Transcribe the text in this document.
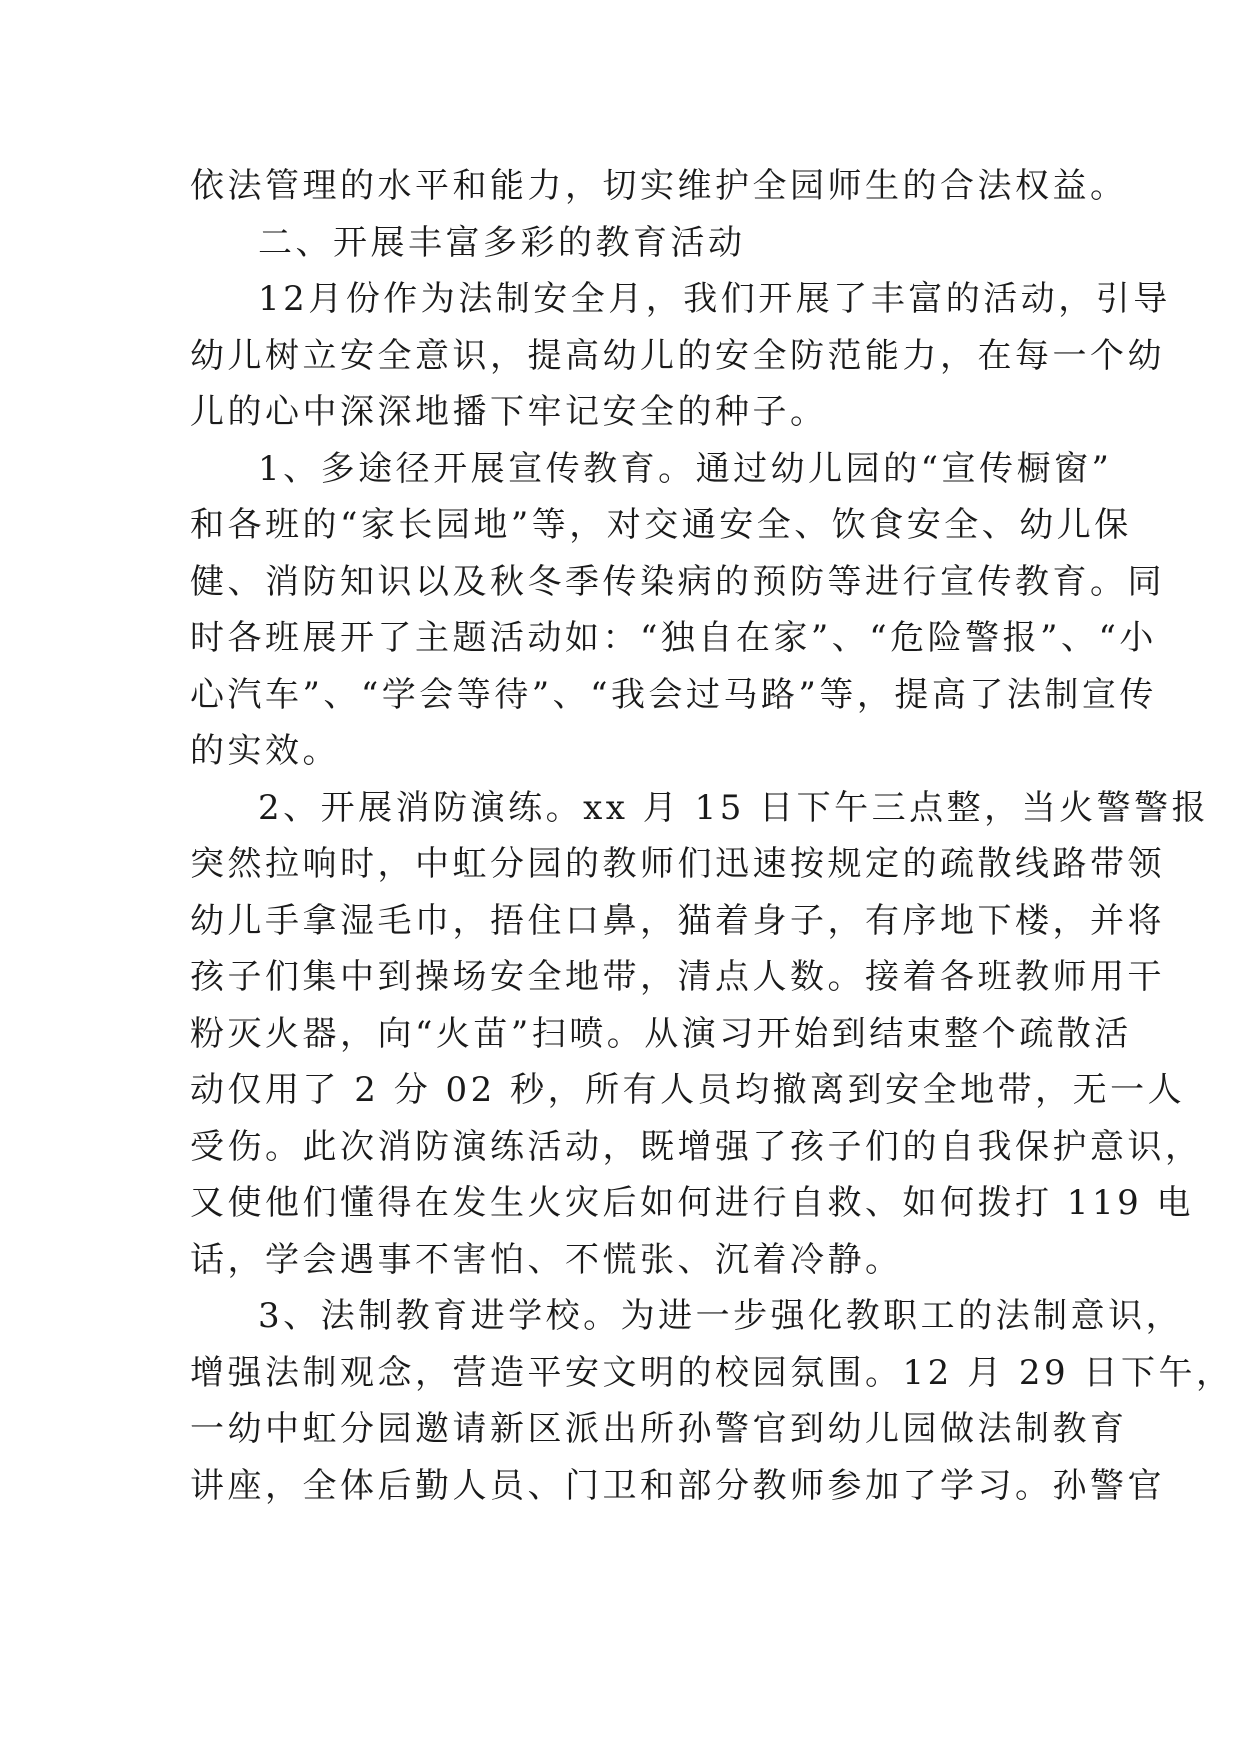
依法管理的水平和能力，切实维护全园师生的合法权益。
二、开展丰富多彩的教育活动
12月份作为法制安全月，我们开展了丰富的活动，引导
幼儿树立安全意识，提高幼儿的安全防范能力，在每一个幼
儿的心中深深地播下牢记安全的种子。
1、多途径开展宣传教育。通过幼儿园的“宣传橱窗”
和各班的“家长园地”等，对交通安全、饮食安全、幼儿保
健、消防知识以及秋冬季传染病的预防等进行宣传教育。同
时各班展开了主题活动如：“独自在家”、“危险警报”、“小
心汽车”、“学会等待”、“我会过马路”等，提高了法制宣传
的实效。
2、开展消防演练。xx 月 15 日下午三点整，当火警警报
突然拉响时，中虹分园的教师们迅速按规定的疏散线路带领
幼儿手拿湿毛巾，捂住口鼻，猫着身子，有序地下楼，并将
孩子们集中到操场安全地带，清点人数。接着各班教师用干
粉灭火器，向“火苗”扫喷。从演习开始到结束整个疏散活
动仅用了 2 分 02 秒，所有人员均撤离到安全地带，无一人
受伤。此次消防演练活动，既增强了孩子们的自我保护意识，
又使他们懂得在发生火灾后如何进行自救、如何拨打 119 电
话，学会遇事不害怕、不慌张、沉着冷静。
3、法制教育进学校。为进一步强化教职工的法制意识，
增强法制观念，营造平安文明的校园氛围。12 月 29 日下午，
一幼中虹分园邀请新区派出所孙警官到幼儿园做法制教育
讲座，全体后勤人员、门卫和部分教师参加了学习。孙警官
